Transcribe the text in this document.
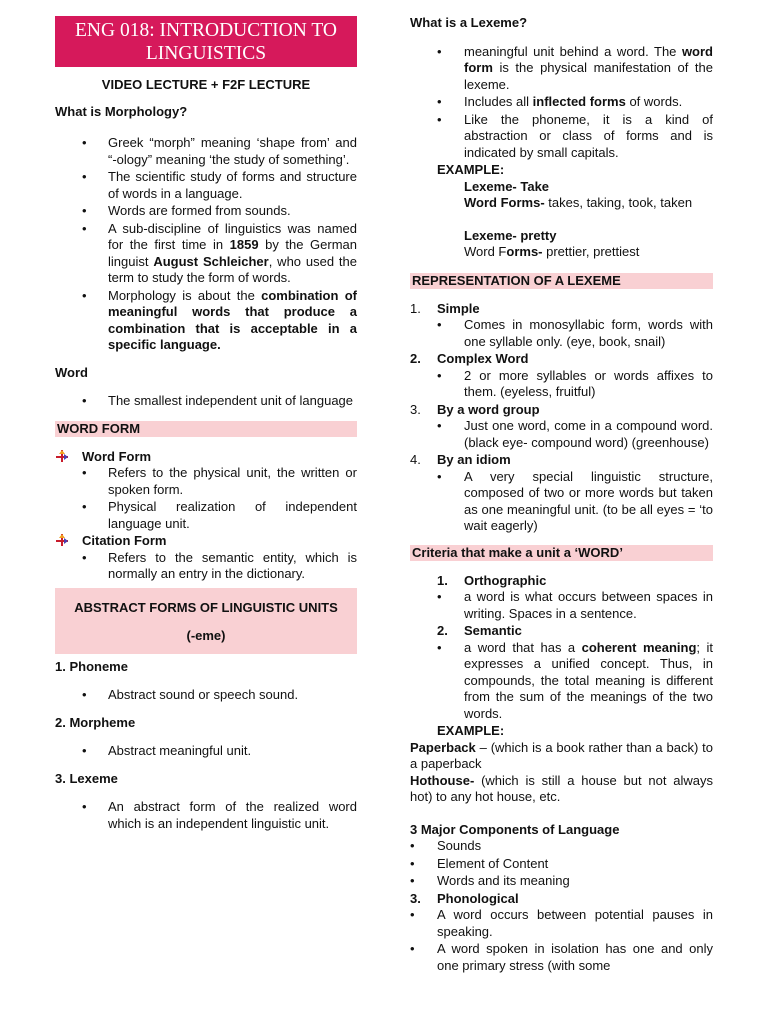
ENG 018: INTRODUCTION TO LINGUISTICS
VIDEO LECTURE + F2F LECTURE
What is Morphology?
• Greek “morph” meaning ‘shape from’ and “-ology” meaning ‘the study of something’.
• The scientific study of forms and structure of words in a language.
• Words are formed from sounds.
• A sub-discipline of linguistics was named for the first time in 1859 by the German linguist August Schleicher, who used the term to study the form of words.
• Morphology is about the combination of meaningful words that produce a combination that is acceptable in a specific language.
Word
• The smallest independent unit of language
WORD FORM
Word Form
• Refers to the physical unit, the written or spoken form.
• Physical realization of independent language unit.
Citation Form
• Refers to the semantic entity, which is normally an entry in the dictionary.
ABSTRACT FORMS OF LINGUISTIC UNITS
(-eme)
1. Phoneme
• Abstract sound or speech sound.
2. Morpheme
• Abstract meaningful unit.
3. Lexeme
• An abstract form of the realized word which is an independent linguistic unit.
What is a Lexeme?
• meaningful unit behind a word. The word form is the physical manifestation of the lexeme.
• Includes all inflected forms of words.
• Like the phoneme, it is a kind of abstraction or class of forms and is indicated by small capitals.
EXAMPLE:
Lexeme- Take
Word Forms- takes, taking, took, taken
Lexeme- pretty
Word Forms- prettier, prettiest
REPRESENTATION OF A LEXEME
1. Simple
• Comes in monosyllabic form, words with one syllable only. (eye, book, snail)
2. Complex Word
• 2 or more syllables or words affixes to them. (eyeless, fruitful)
3. By a word group
• Just one word, come in a compound word. (black eye- compound word) (greenhouse)
4. By an idiom
• A very special linguistic structure, composed of two or more words but taken as one meaningful unit. (to be all eyes = ‘to wait eagerly)
Criteria that make a unit a ‘WORD’
1. Orthographic
• a word is what occurs between spaces in writing. Spaces in a sentence.
2. Semantic
• a word that has a coherent meaning; it expresses a unified concept. Thus, in compounds, the total meaning is different from the sum of the meanings of the two words.
EXAMPLE:
Paperback – (which is a book rather than a back) to a paperback
Hothouse- (which is still a house but not always hot) to any hot house, etc.
3 Major Components of Language
• Sounds
• Element of Content
• Words and its meaning
3. Phonological
• A word occurs between potential pauses in speaking.
• A word spoken in isolation has one and only one primary stress (with some
